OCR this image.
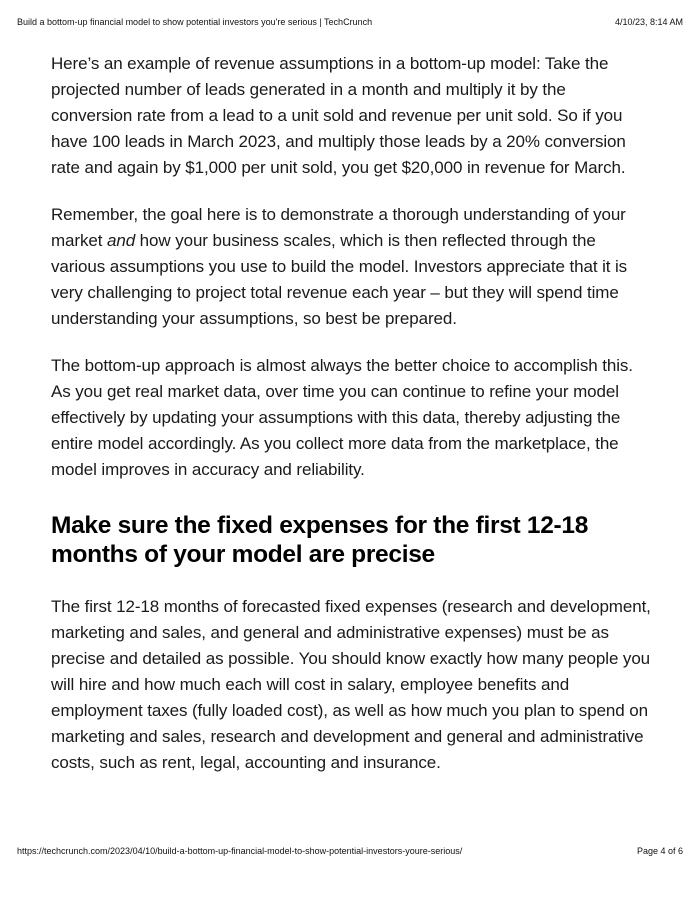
Build a bottom-up financial model to show potential investors you're serious | TechCrunch	4/10/23, 8:14 AM

Here’s an example of revenue assumptions in a bottom-up model: Take the projected number of leads generated in a month and multiply it by the conversion rate from a lead to a unit sold and revenue per unit sold. So if you have 100 leads in March 2023, and multiply those leads by a 20% conversion rate and again by $1,000 per unit sold, you get $20,000 in revenue for March.

Remember, the goal here is to demonstrate a thorough understanding of your market and how your business scales, which is then reflected through the various assumptions you use to build the model. Investors appreciate that it is very challenging to project total revenue each year – but they will spend time understanding your assumptions, so best be prepared.

The bottom-up approach is almost always the better choice to accomplish this. As you get real market data, over time you can continue to refine your model effectively by updating your assumptions with this data, thereby adjusting the entire model accordingly. As you collect more data from the marketplace, the model improves in accuracy and reliability.

Make sure the fixed expenses for the first 12-18 months of your model are precise

The first 12-18 months of forecasted fixed expenses (research and development, marketing and sales, and general and administrative expenses) must be as precise and detailed as possible. You should know exactly how many people you will hire and how much each will cost in salary, employee benefits and employment taxes (fully loaded cost), as well as how much you plan to spend on marketing and sales, research and development and general and administrative costs, such as rent, legal, accounting and insurance.

https://techcrunch.com/2023/04/10/build-a-bottom-up-financial-model-to-show-potential-investors-youre-serious/	Page 4 of 6
